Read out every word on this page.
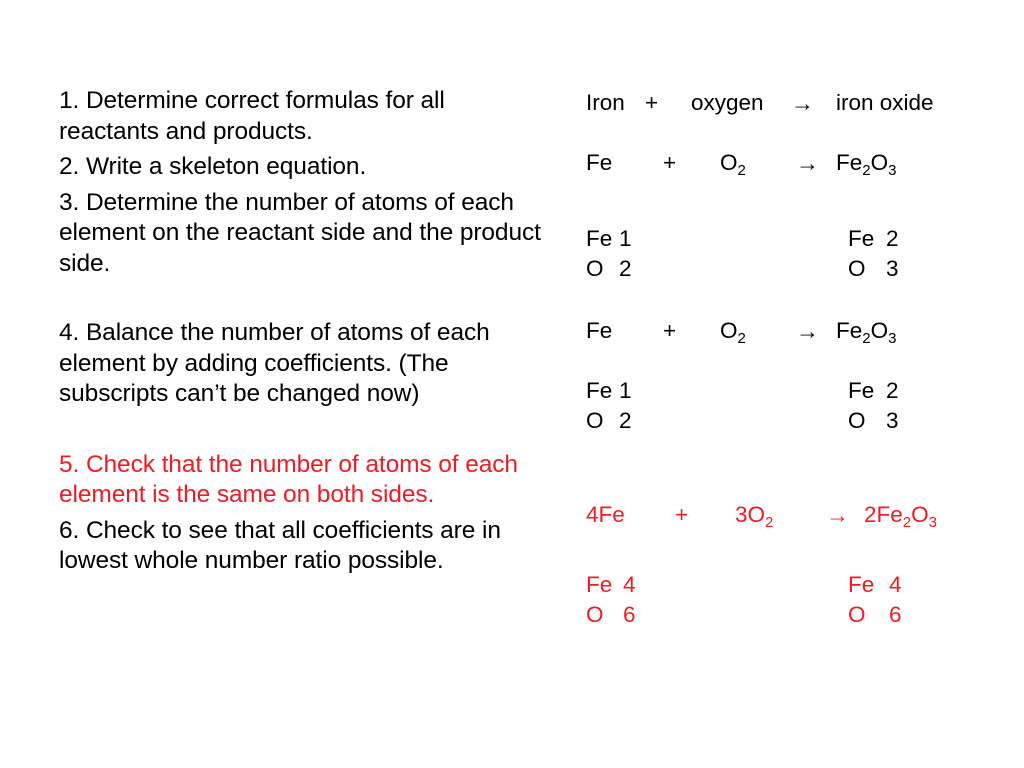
1. Determine correct formulas for all reactants and products.

2. Write a skeleton equation.

3. Determine the number of atoms of each element on the reactant side and the product side.

4. Balance the number of atoms of each element by adding coefficients. (The subscripts can’t be changed now)

5. Check that the number of atoms of each element is the same on both sides.

6. Check to see that all coefficients are in lowest whole number ratio possible.

Iron + oxygen → iron oxide
$Fe + O_2 \to Fe_2O_3$
Fe 1	Fe 2
O 2	O 3
$Fe + O_2 \to Fe_2O_3$
Fe 1	Fe 2
O 2	O 3
$4Fe + 3O_2 \to 2Fe_2O_3$
Fe 4	Fe 4
O 6	O 6
